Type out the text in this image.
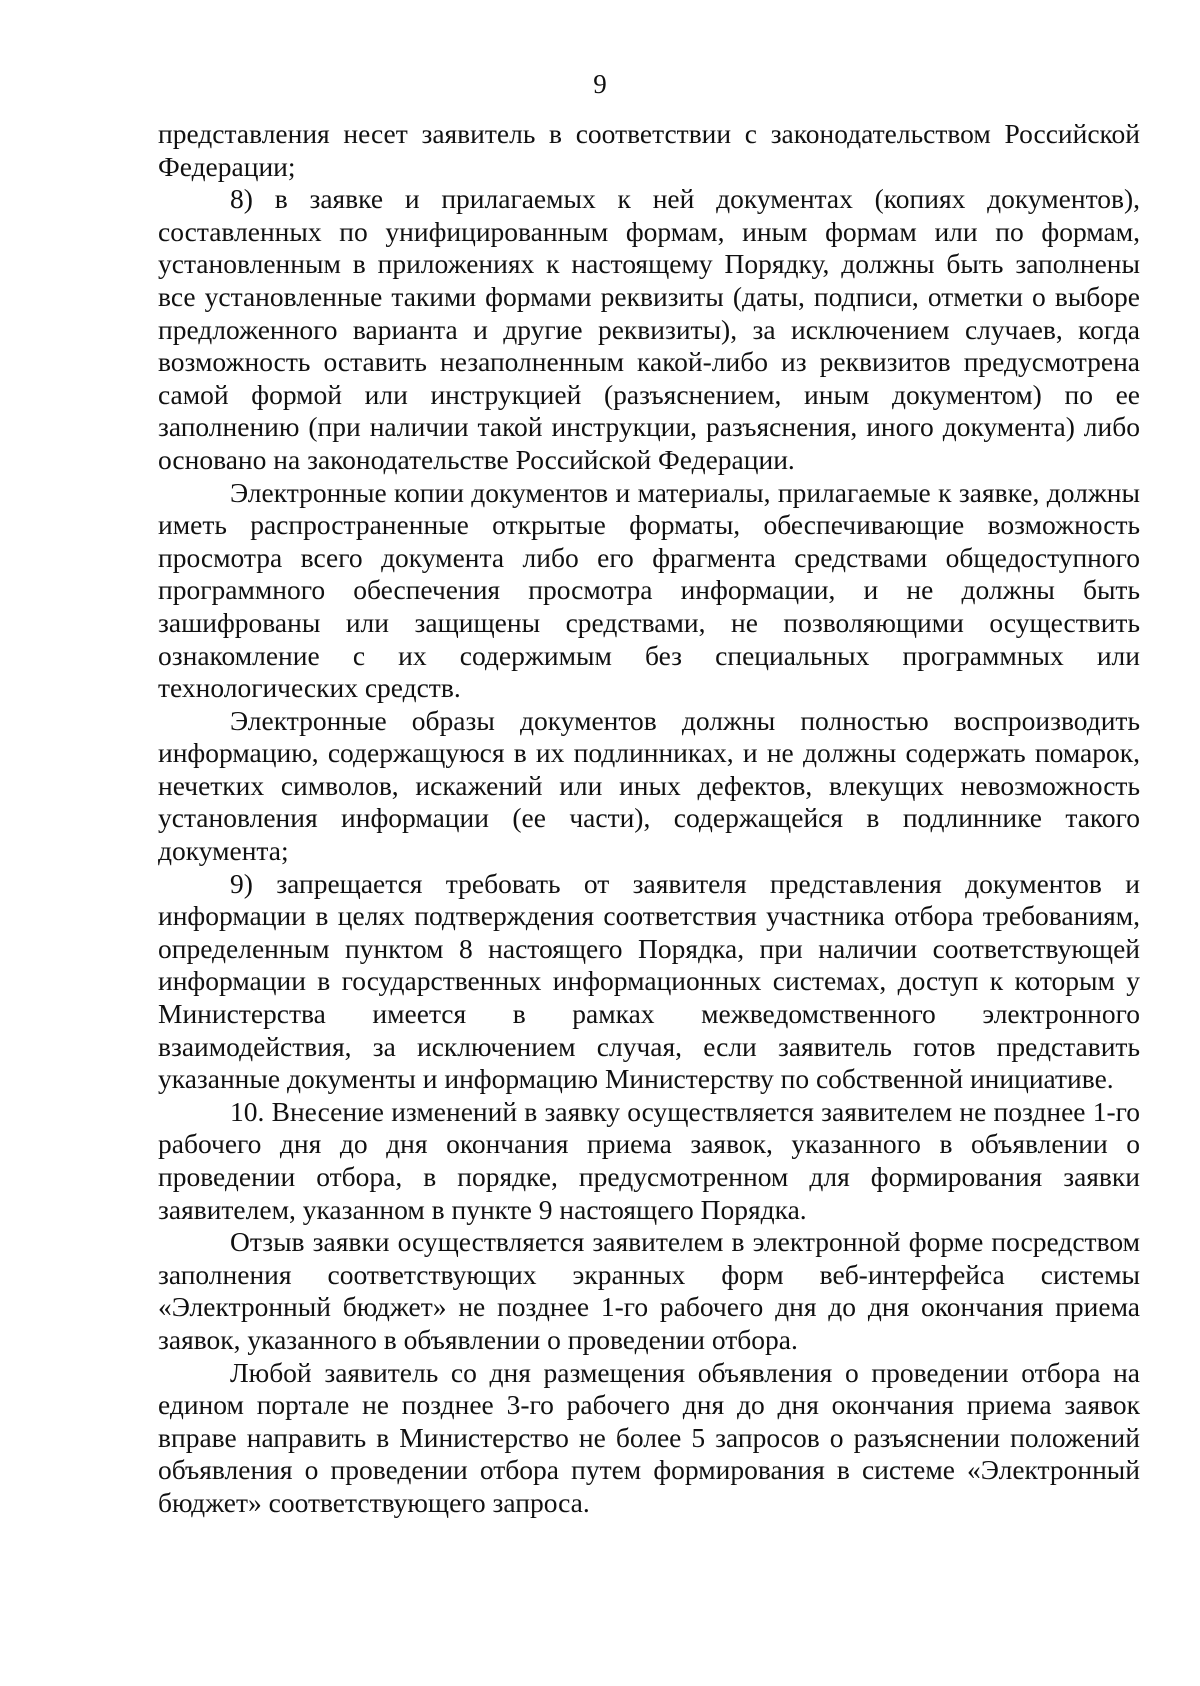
9

представления несет заявитель в соответствии с законодательством Российской Федерации;

8) в заявке и прилагаемых к ней документах (копиях документов), составленных по унифицированным формам, иным формам или по формам, установленным в приложениях к настоящему Порядку, должны быть заполнены все установленные такими формами реквизиты (даты, подписи, отметки о выборе предложенного варианта и другие реквизиты), за исключением случаев, когда возможность оставить незаполненным какой-либо из реквизитов предусмотрена самой формой или инструкцией (разъяснением, иным документом) по ее заполнению (при наличии такой инструкции, разъяснения, иного документа) либо основано на законодательстве Российской Федерации.

Электронные копии документов и материалы, прилагаемые к заявке, должны иметь распространенные открытые форматы, обеспечивающие возможность просмотра всего документа либо его фрагмента средствами общедоступного программного обеспечения просмотра информации, и не должны быть зашифрованы или защищены средствами, не позволяющими осуществить ознакомление с их содержимым без специальных программных или технологических средств.

Электронные образы документов должны полностью воспроизводить информацию, содержащуюся в их подлинниках, и не должны содержать помарок, нечетких символов, искажений или иных дефектов, влекущих невозможность установления информации (ее части), содержащейся в подлиннике такого документа;

9) запрещается требовать от заявителя представления документов и информации в целях подтверждения соответствия участника отбора требованиям, определенным пунктом 8 настоящего Порядка, при наличии соответствующей информации в государственных информационных системах, доступ к которым у Министерства имеется в рамках межведомственного электронного взаимодействия, за исключением случая, если заявитель готов представить указанные документы и информацию Министерству по собственной инициативе.

10. Внесение изменений в заявку осуществляется заявителем не позднее 1-го рабочего дня до дня окончания приема заявок, указанного в объявлении о проведении отбора, в порядке, предусмотренном для формирования заявки заявителем, указанном в пункте 9 настоящего Порядка.

Отзыв заявки осуществляется заявителем в электронной форме посредством заполнения соответствующих экранных форм веб-интерфейса системы «Электронный бюджет» не позднее 1-го рабочего дня до дня окончания приема заявок, указанного в объявлении о проведении отбора.

Любой заявитель со дня размещения объявления о проведении отбора на едином портале не позднее 3-го рабочего дня до дня окончания приема заявок вправе направить в Министерство не более 5 запросов о разъяснении положений объявления о проведении отбора путем формирования в системе «Электронный бюджет» соответствующего запроса.
